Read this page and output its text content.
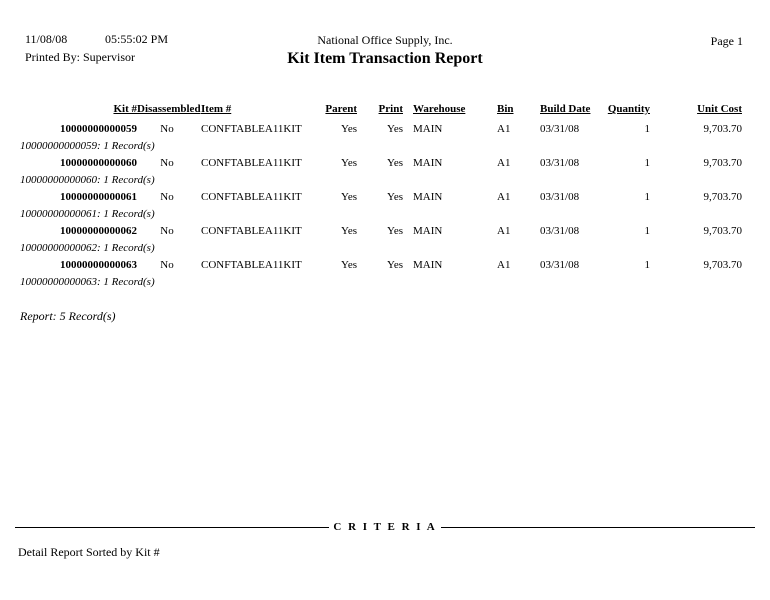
11/08/08	05:55:02 PM
Printed By: Supervisor
National Office Supply, Inc.
Kit Item Transaction Report
Page 1
Kit #	Disassembled	Item #	Parent	Print	Warehouse	Bin	Build Date	Quantity	Unit Cost
10000000000059	No	CONFTABLEA11KIT	Yes	Yes	MAIN	A1	03/31/08	1	9,703.70
10000000000059: 1 Record(s)									
10000000000060	No	CONFTABLEA11KIT	Yes	Yes	MAIN	A1	03/31/08	1	9,703.70
10000000000060: 1 Record(s)									
10000000000061	No	CONFTABLEA11KIT	Yes	Yes	MAIN	A1	03/31/08	1	9,703.70
10000000000061: 1 Record(s)									
10000000000062	No	CONFTABLEA11KIT	Yes	Yes	MAIN	A1	03/31/08	1	9,703.70
10000000000062: 1 Record(s)									
10000000000063	No	CONFTABLEA11KIT	Yes	Yes	MAIN	A1	03/31/08	1	9,703.70
10000000000063: 1 Record(s)									
Report: 5 Record(s)
C R I T E R I A
Detail Report Sorted by Kit #
